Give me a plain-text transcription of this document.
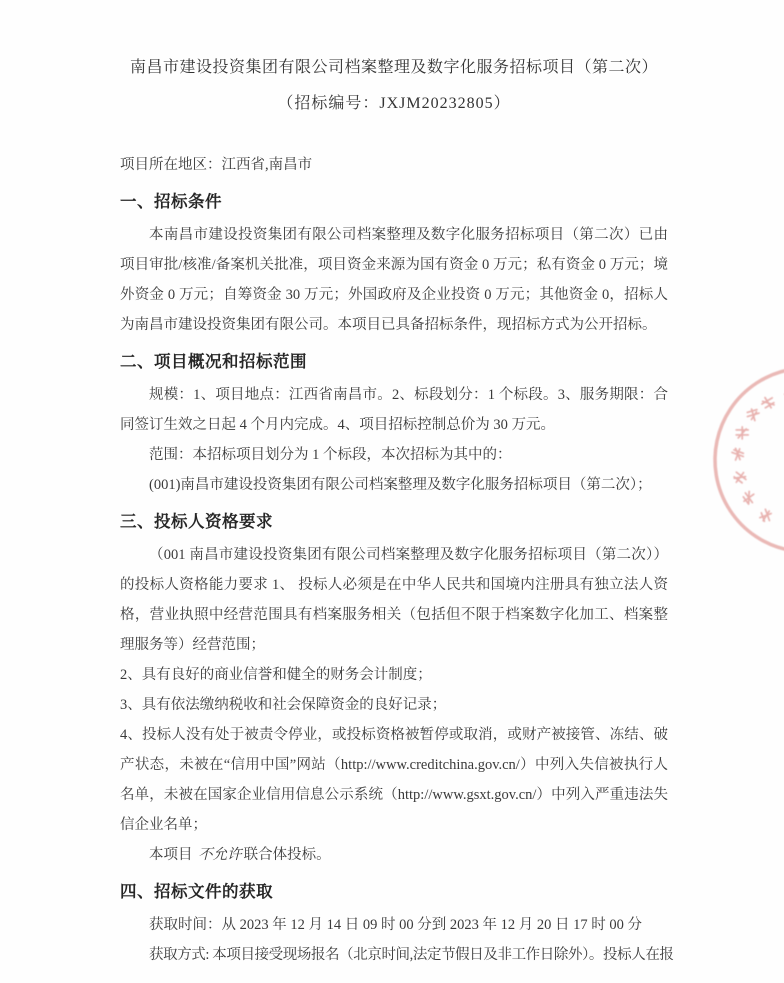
南昌市建设投资集团有限公司档案整理及数字化服务招标项目（第二次）
（招标编号：JXJM20232805）

项目所在地区：江西省,南昌市

一、招标条件

本南昌市建设投资集团有限公司档案整理及数字化服务招标项目（第二次）已由项目审批/核准/备案机关批准，项目资金来源为国有资金 0 万元；私有资金 0 万元；境外资金 0 万元；自筹资金 30 万元；外国政府及企业投资 0 万元；其他资金 0，招标人为南昌市建设投资集团有限公司。本项目已具备招标条件，现招标方式为公开招标。

二、项目概况和招标范围

规模：1、项目地点：江西省南昌市。2、标段划分：1 个标段。3、服务期限：合同签订生效之日起 4 个月内完成。4、项目招标控制总价为 30 万元。

范围：本招标项目划分为 1 个标段，本次招标为其中的：

(001)南昌市建设投资集团有限公司档案整理及数字化服务招标项目（第二次）；

三、投标人资格要求

（001 南昌市建设投资集团有限公司档案整理及数字化服务招标项目（第二次））的投标人资格能力要求 1、 投标人必须是在中华人民共和国境内注册具有独立法人资格，营业执照中经营范围具有档案服务相关（包括但不限于档案数字化加工、档案整理服务等）经营范围；

2、具有良好的商业信誉和健全的财务会计制度；

3、具有依法缴纳税收和社会保障资金的良好记录；

4、投标人没有处于被责令停业，或投标资格被暂停或取消，或财产被接管、冻结、破产状态，未被在“信用中国”网站（http://www.creditchina.gov.cn/）中列入失信被执行人名单，未被在国家企业信用信息公示系统（http://www.gsxt.gov.cn/）中列入严重违法失信企业名单；

本项目 不允许 联合体投标。

四、招标文件的获取

获取时间：从 2023 年 12 月 14 日 09 时 00 分到 2023 年 12 月 20 日 17 时 00 分

获取方式: 本项目接受现场报名（北京时间,法定节假日及非工作日除外）。投标人在报
